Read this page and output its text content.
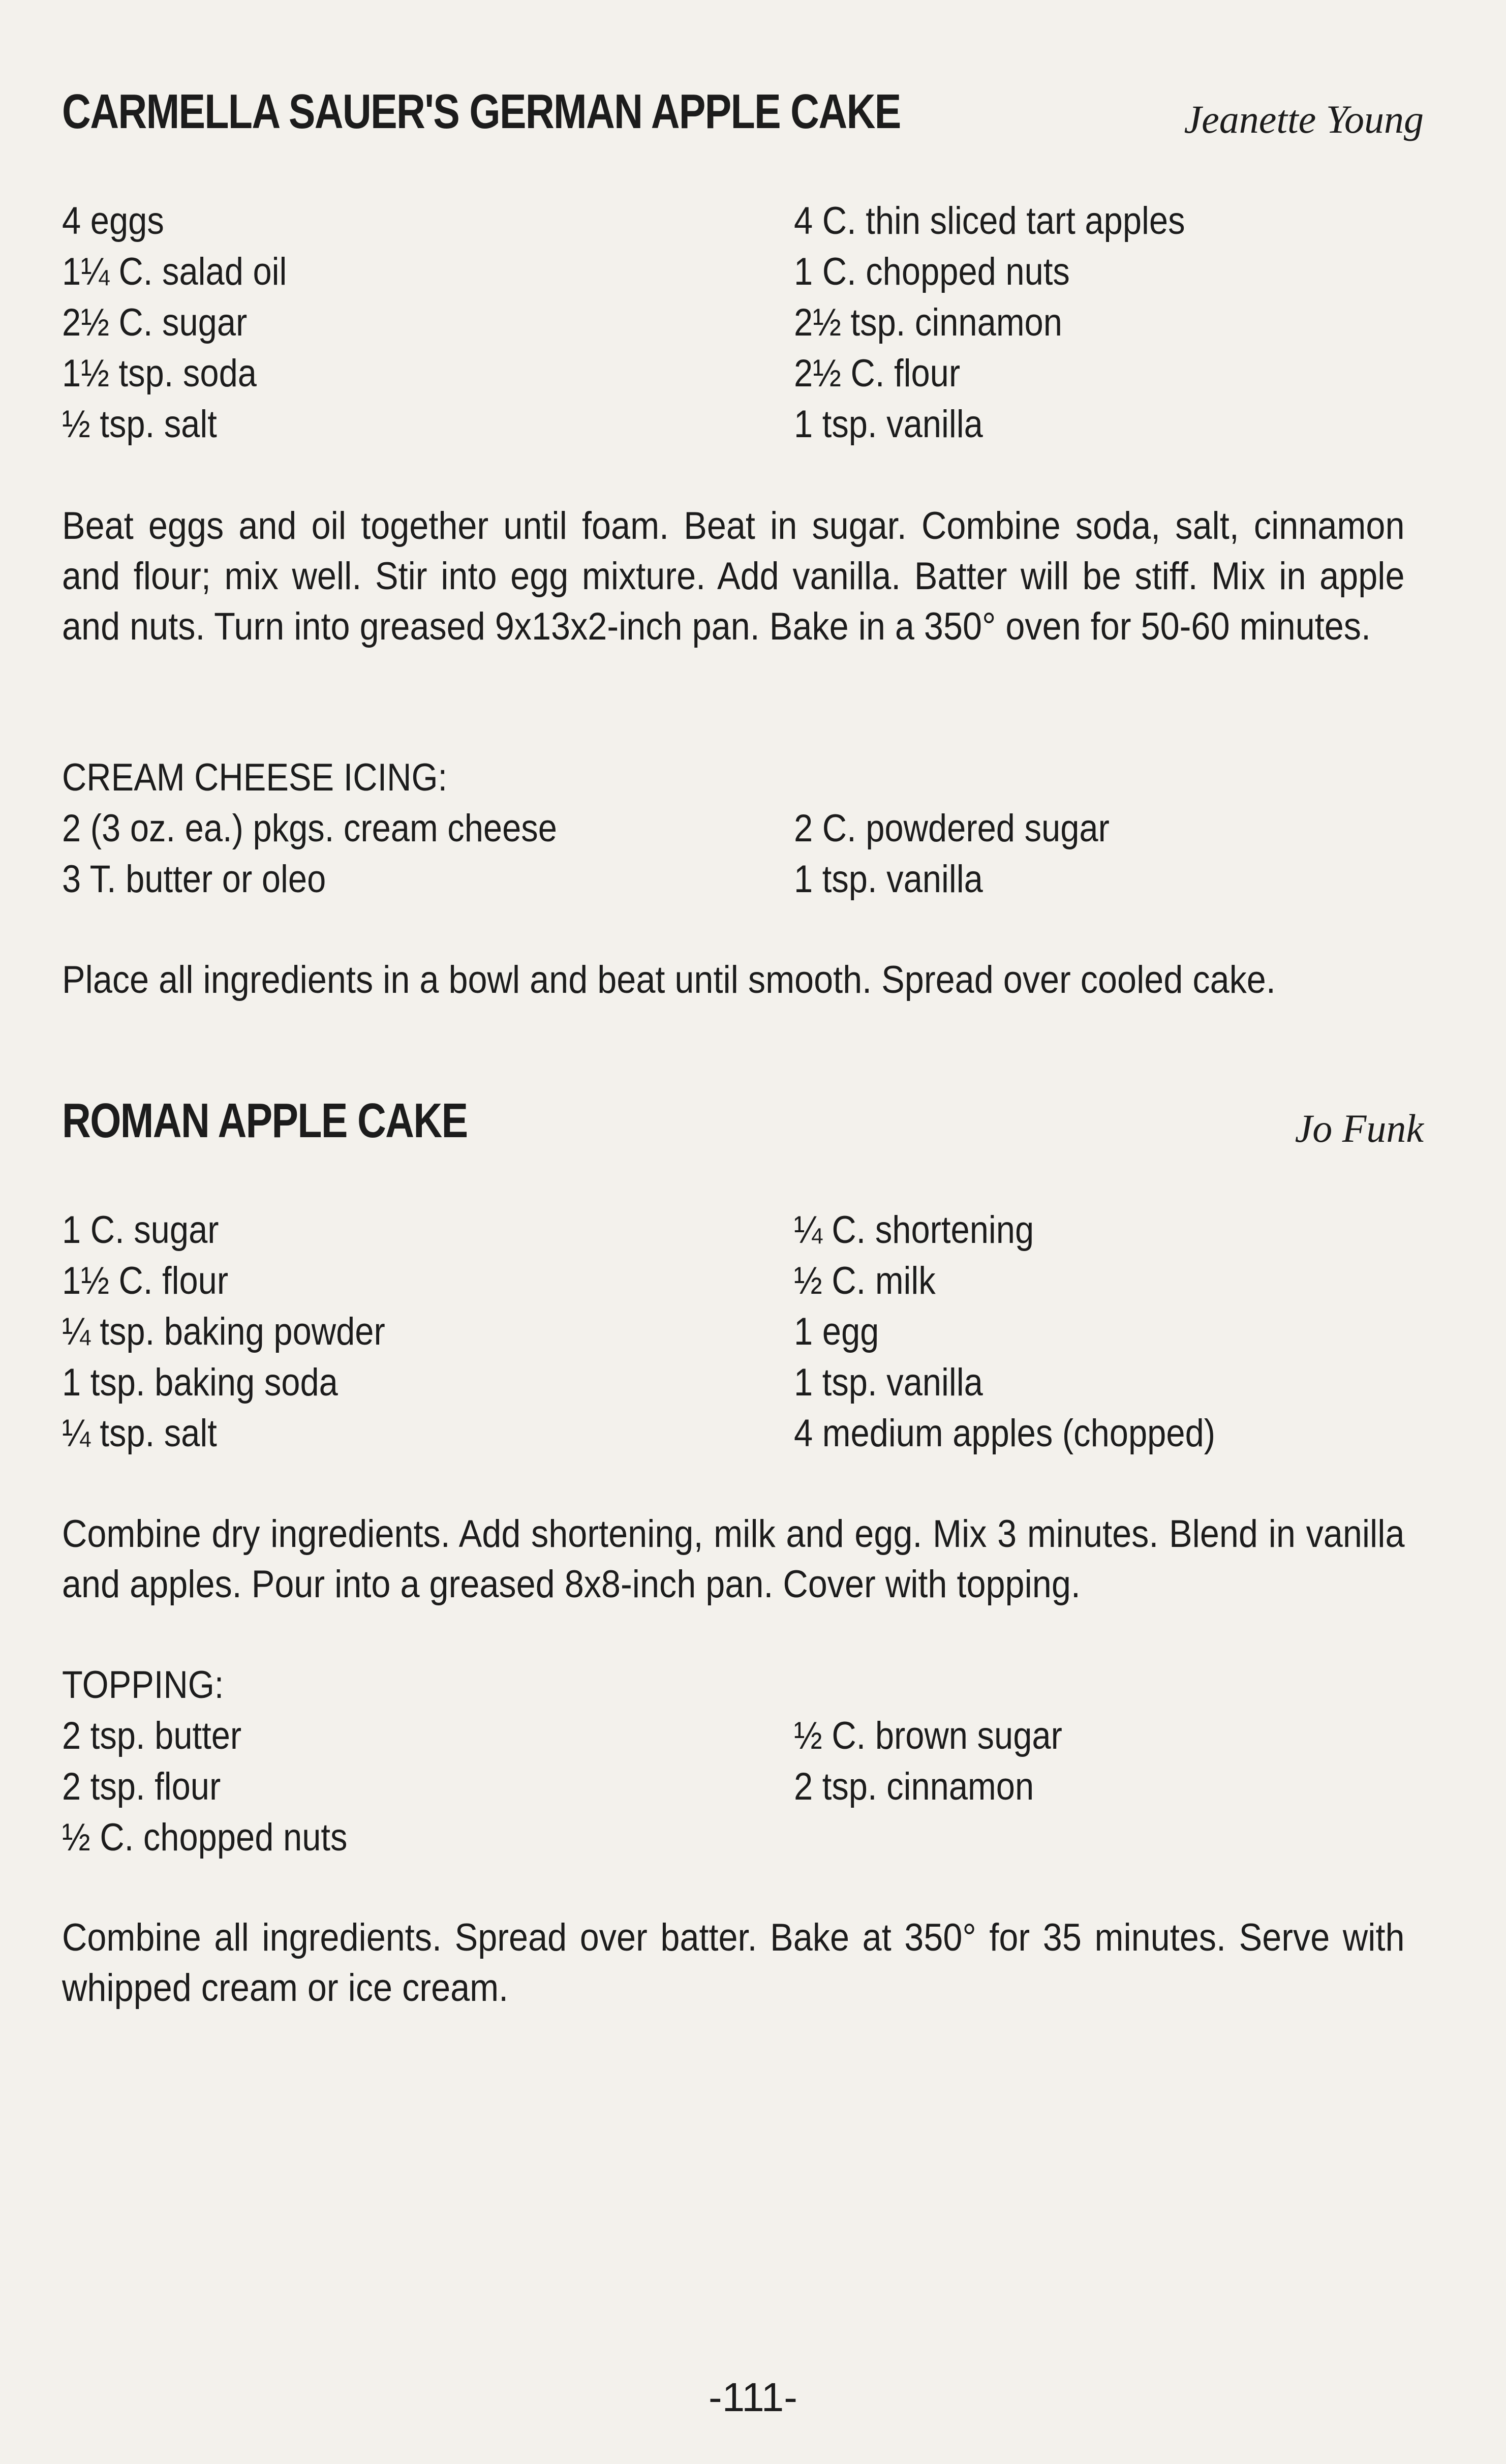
CARMELLA SAUER'S GERMAN APPLE CAKE	Jeanette Young
4 eggs
1¼ C. salad oil
2½ C. sugar
1½ tsp. soda
½ tsp. salt
4 C. thin sliced tart apples
1 C. chopped nuts
2½ tsp. cinnamon
2½ C. flour
1 tsp. vanilla
Beat eggs and oil together until foam. Beat in sugar. Combine soda, salt, cinnamon and flour; mix well. Stir into egg mixture. Add vanilla. Batter will be stiff. Mix in apple and nuts. Turn into greased 9x13x2-inch pan. Bake in a 350° oven for 50-60 minutes.
CREAM CHEESE ICING:
2 (3 oz. ea.) pkgs. cream cheese
3 T. butter or oleo
2 C. powdered sugar
1 tsp. vanilla
Place all ingredients in a bowl and beat until smooth. Spread over cooled cake.
ROMAN APPLE CAKE	Jo Funk
1 C. sugar
1½ C. flour
¼ tsp. baking powder
1 tsp. baking soda
¼ tsp. salt
¼ C. shortening
½ C. milk
1 egg
1 tsp. vanilla
4 medium apples (chopped)
Combine dry ingredients. Add shortening, milk and egg. Mix 3 minutes. Blend in vanilla and apples. Pour into a greased 8x8-inch pan. Cover with topping.
TOPPING:
2 tsp. butter
2 tsp. flour
½ C. chopped nuts
½ C. brown sugar
2 tsp. cinnamon
Combine all ingredients. Spread over batter. Bake at 350° for 35 minutes. Serve with whipped cream or ice cream.
-111-
